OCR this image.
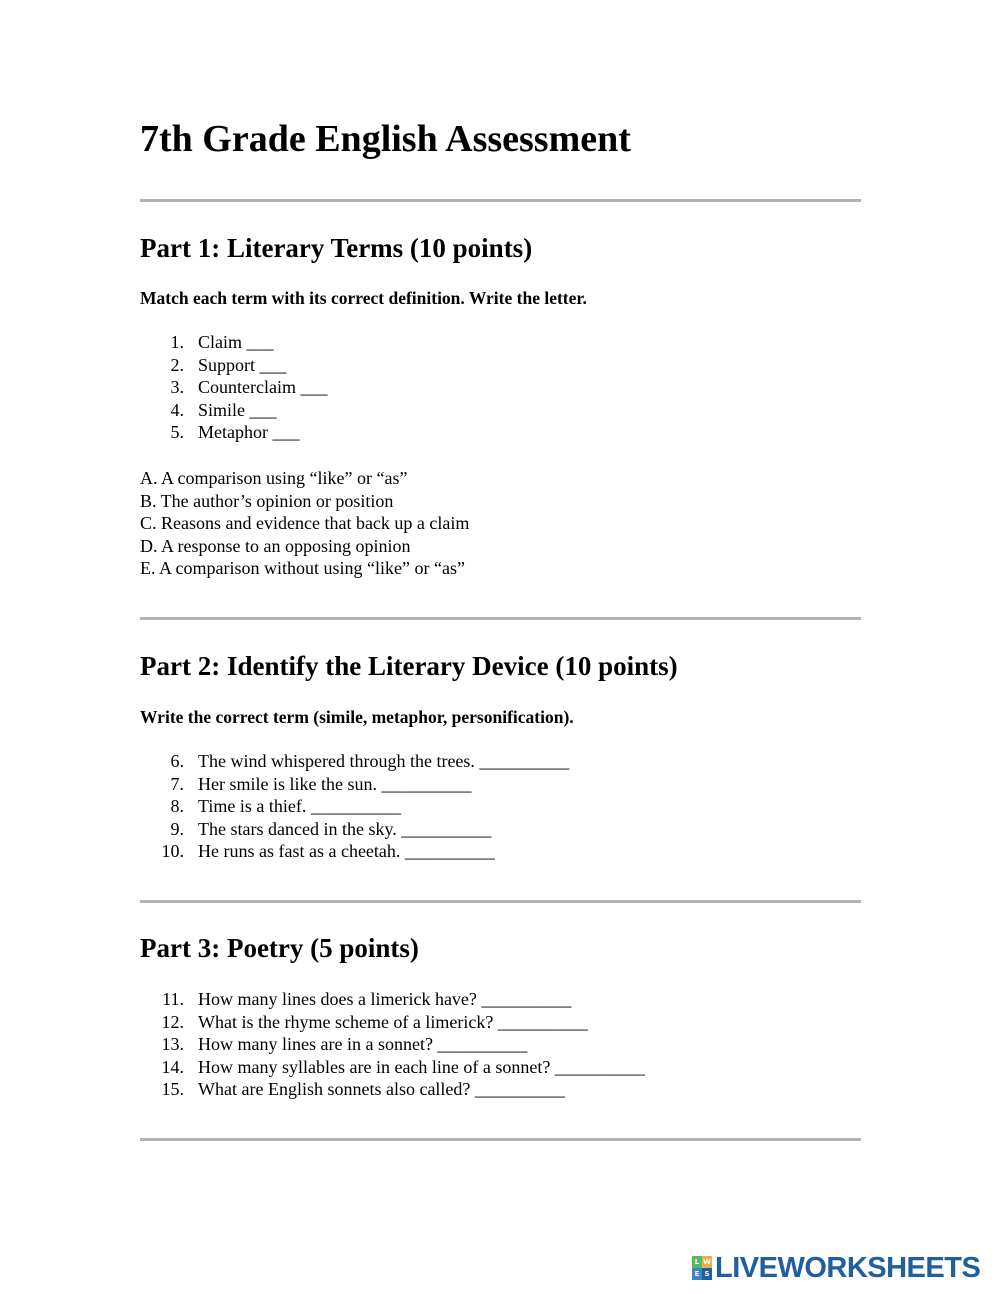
7th Grade English Assessment
Part 1: Literary Terms (10 points)

Match each term with its correct definition. Write the letter.

1. Claim ___
2. Support ___
3. Counterclaim ___
4. Simile ___
5. Metaphor ___
A. A comparison using “like” or “as”
B. The author’s opinion or position
C. Reasons and evidence that back up a claim
D. A response to an opposing opinion
E. A comparison without using “like” or “as”
Part 2: Identify the Literary Device (10 points)

Write the correct term (simile, metaphor, personification).

6. The wind whispered through the trees. __________
7. Her smile is like the sun. __________
8. Time is a thief. __________
9. The stars danced in the sky. __________
10. He runs as fast as a cheetah. __________
Part 3: Poetry (5 points)
11. How many lines does a limerick have? __________
12. What is the rhyme scheme of a limerick? __________
13. How many lines are in a sonnet? __________
14. How many syllables are in each line of a sonnet? __________
15. What are English sonnets also called? __________
L W
E S LIVEWORKSHEETS
